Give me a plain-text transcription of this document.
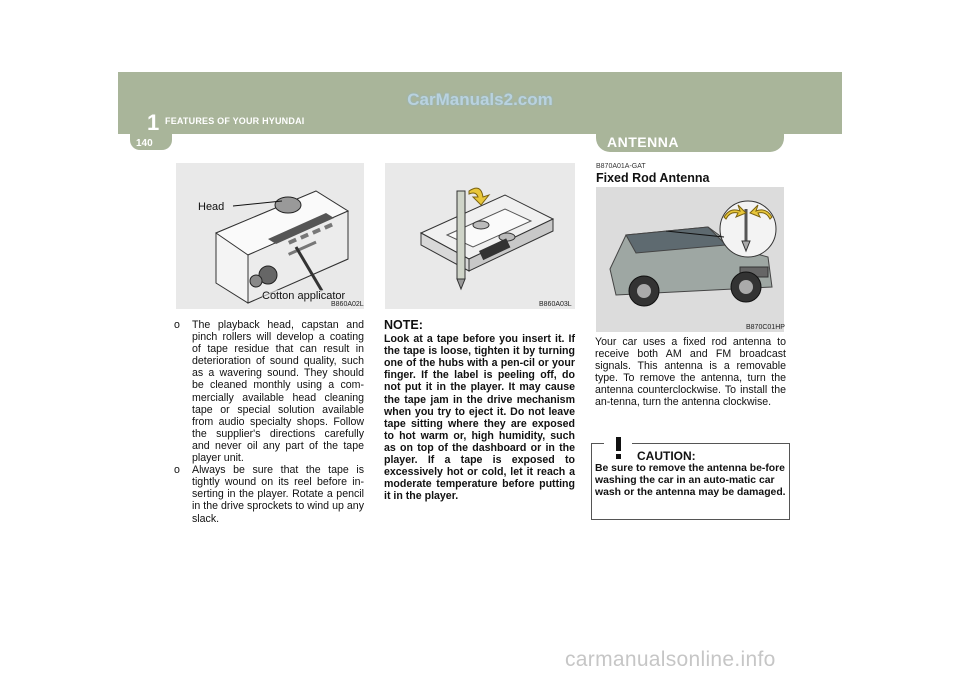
CarManuals2.com
1 FEATURES OF YOUR HYUNDAI
140	ANTENNA
Head
Cotton applicator
B860A02L
o The playback head, capstan and pinch rollers will develop a coating of tape residue that can result in deterioration of sound quality, such as a wavering sound. They should be cleaned monthly using a com-mercially available head cleaning tape or special solution available from audio specialty shops. Follow the supplier's directions carefully and never oil any part of the tape player unit.
o Always be sure that the tape is tightly wound on its reel before in-serting in the player. Rotate a pencil in the drive sprockets to wind up any slack.
B860A03L
NOTE:
Look at a tape before you insert it. If the tape is loose, tighten it by turning one of the hubs with a pen-cil or your finger. If the label is peeling off, do not put it in the player. It may cause the tape jam in the drive mechanism when you try to eject it. Do not leave tape sitting where they are exposed to hot warm or, high humidity, such as on top of the dashboard or in the player. If a tape is exposed to excessively hot or cold, let it reach a moderate temperature before putting it in the player.
B870A01A-GAT
Fixed Rod Antenna
B870C01HP
Your car uses a fixed rod antenna to receive both AM and FM broadcast signals. This antenna is a removable type. To remove the antenna, turn the antenna counterclockwise. To install the an-tenna, turn the antenna clockwise.
CAUTION:
Be sure to remove the antenna be-fore washing the car in an auto-matic car wash or the antenna may be damaged.
carmanualsonline.info
